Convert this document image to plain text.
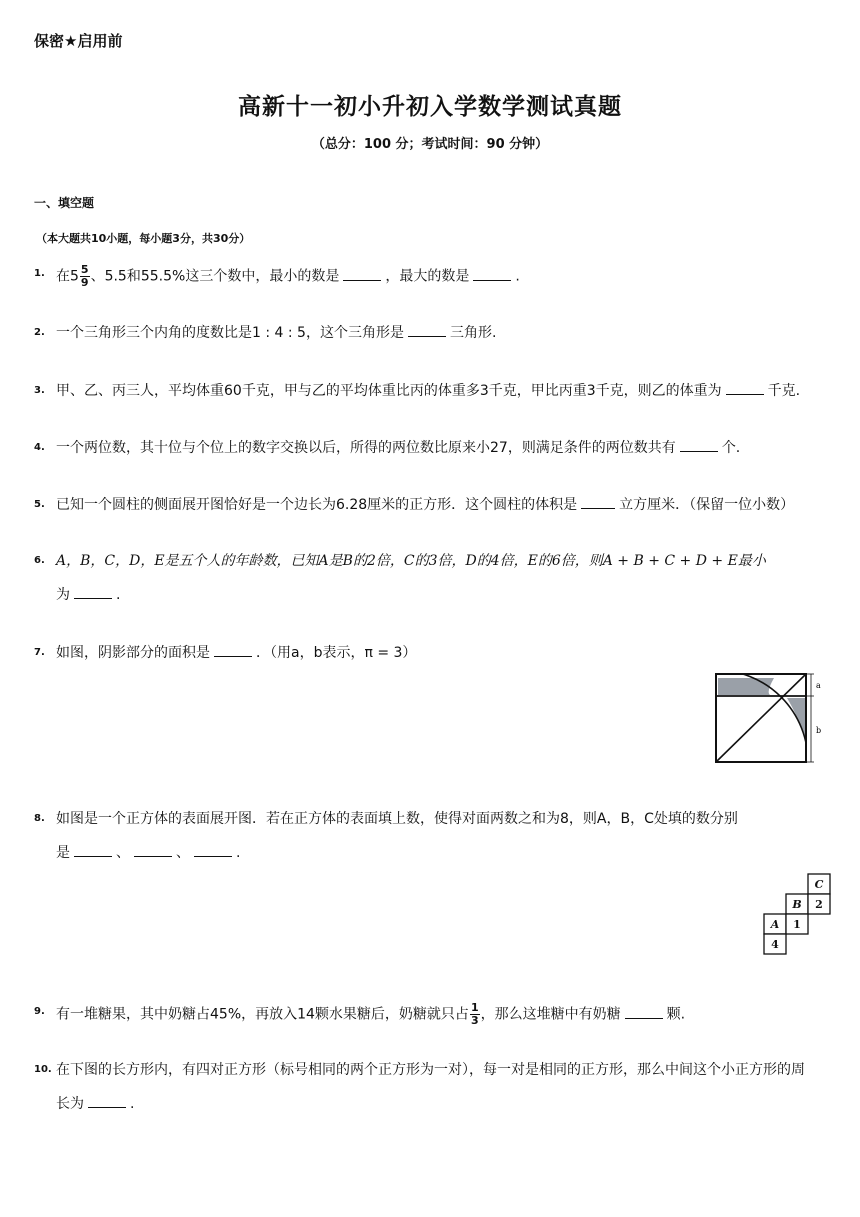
保密★启用前
高新十一初小升初入学数学测试真题
（总分：100 分；考试时间：90 分钟）
一、填空题
（本大题共10小题，每小题3分，共30分）
1. 在$5 \frac{5}{9}$ 、5.5和55.5%这三个数中，最小的数是	，最大的数是	.
2. 一个三角形三个内角的度数比是1 : 4 : 5，这个三角形是	三角形.
3. 甲、乙、丙三人，平均体重60千克，甲与乙的平均体重比丙的体重多3千克，甲比丙重3千克，则乙的体重为	千克.
4. 一个两位数，其十位与个位上的数字交换以后，所得的两位数比原来小27，则满足条件的两位数共有	个.
5. 已知一个圆柱的侧面展开图恰好是一个边长为6.28厘米的正方形．这个圆柱的体积是	立方厘米．（保留一位小数）
6. A，B，C，D，E是五个人的年龄数，已知A是B的2倍，C的3倍，D的4倍，E的6倍，则A + B + C + D + E最小
为	.
7. 如图，阴影部分的面积是	．（用a，b表示，π = 3）
a
b
8. 如图是一个正方体的表面展开图．若在正方体的表面填上数，使得对面两数之和为8，则A，B，C处填的数分别
是	、	、	.
C
B 2
A 1
4
9. 有一堆糖果，其中奶糖占45%，再放入14颗水果糖后，奶糖就只占 $\frac{1}{3}$ ，那么这堆糖中有奶糖	颗.
10. 在下图的长方形内，有四对正方形（标号相同的两个正方形为一对），每一对是相同的正方形，那么中间这个小正方形的周
长为	.
